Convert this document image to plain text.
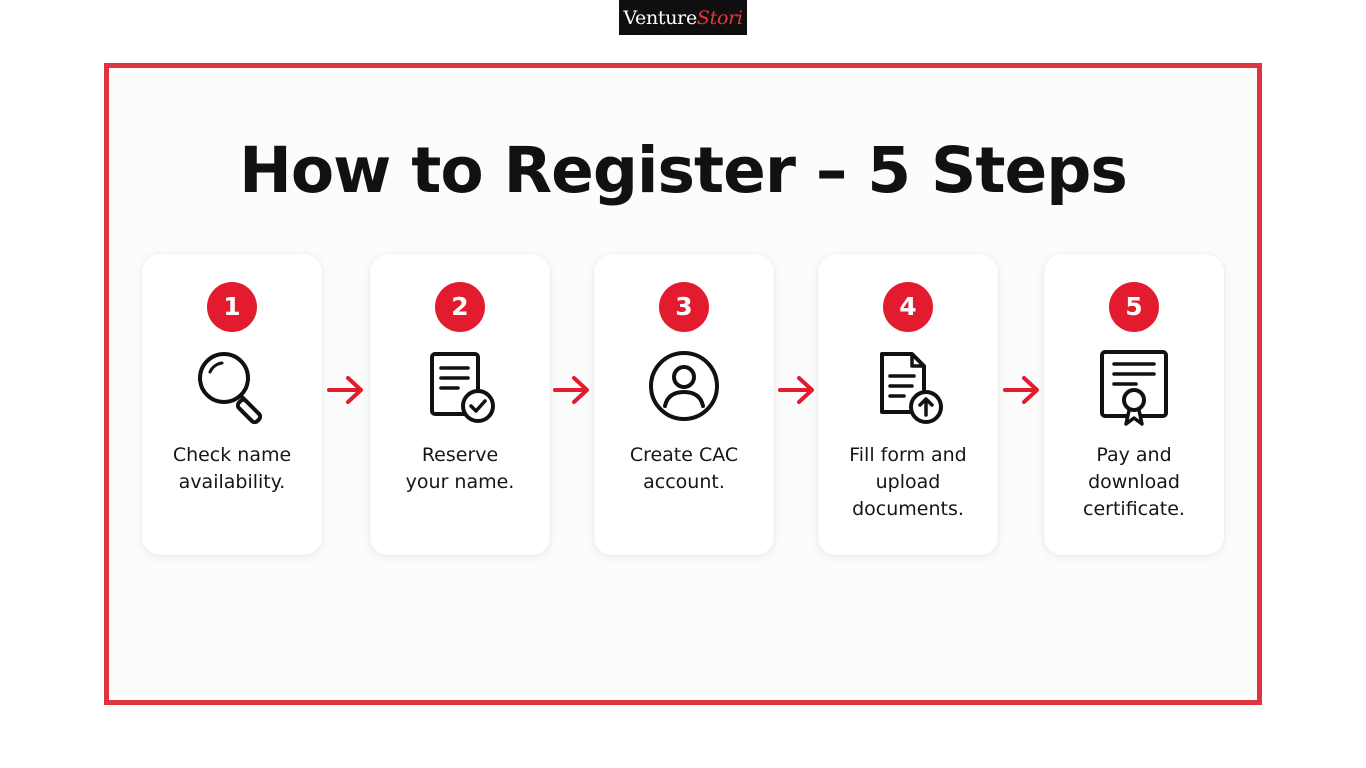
Venture Stori
How to Register – 5 Steps
1
Check name
availability.
2
Reserve
your name.
3
Create CAC
account.
4
Fill form and
upload
documents.
5
Pay and
download
certificate.
